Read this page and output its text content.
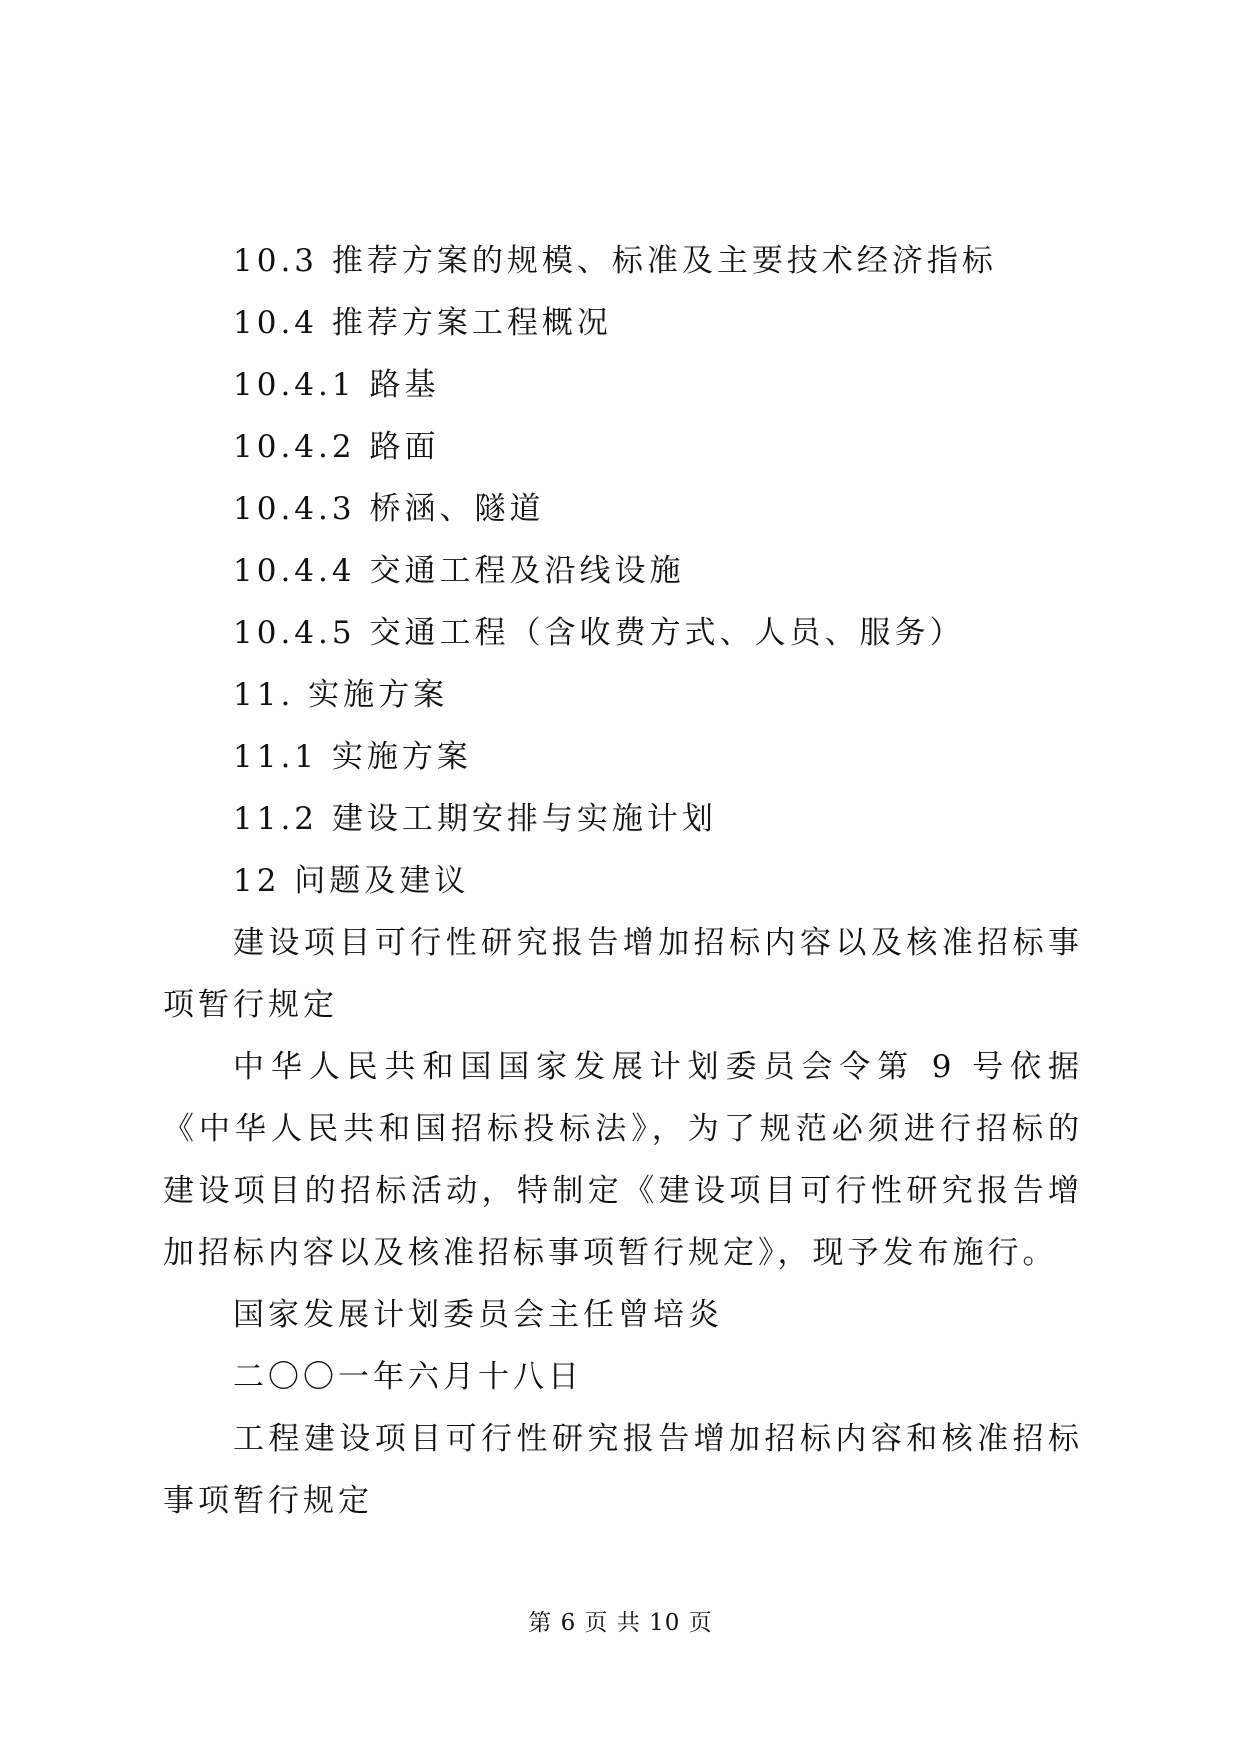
10.3 推荐方案的规模、标准及主要技术经济指标
10.4 推荐方案工程概况
10.4.1 路基
10.4.2 路面
10.4.3 桥涵、隧道
10.4.4 交通工程及沿线设施
10.4.5 交通工程（含收费方式、人员、服务）
11. 实施方案
11.1 实施方案
11.2 建设工期安排与实施计划
12 问题及建议

建设项目可行性研究报告增加招标内容以及核准招标事项暂行规定

中华人民共和国国家发展计划委员会令第 9 号依据《中华人民共和国招标投标法》，为了规范必须进行招标的建设项目的招标活动，特制定《建设项目可行性研究报告增加招标内容以及核准招标事项暂行规定》，现予发布施行。

国家发展计划委员会主任曾培炎
二〇〇一年六月十八日

工程建设项目可行性研究报告增加招标内容和核准招标事项暂行规定

第 6 页 共 10 页
